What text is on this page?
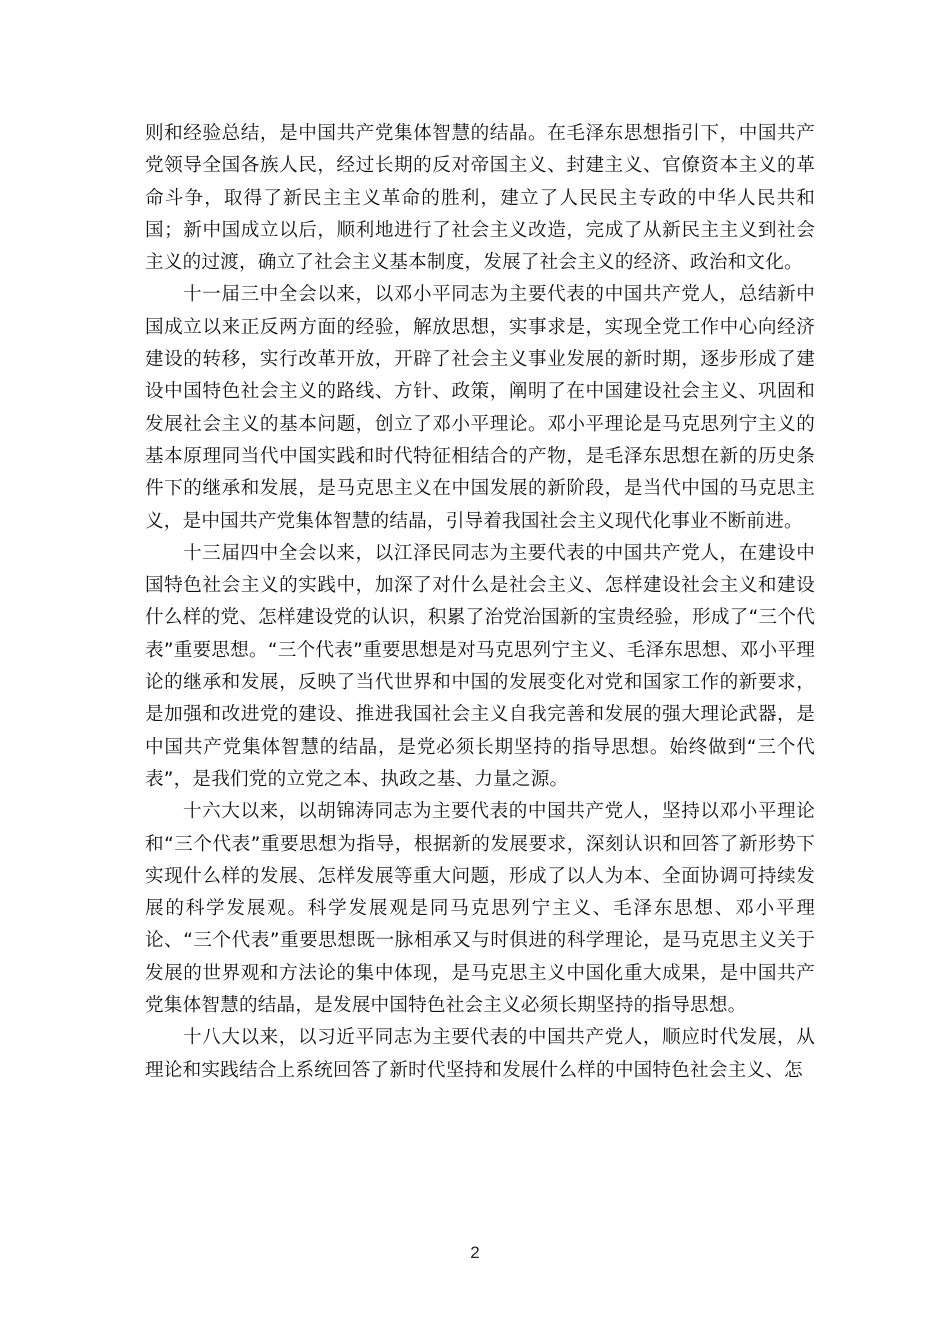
则和经验总结，是中国共产党集体智慧的结晶。在毛泽东思想指引下，中国共产党领导全国各族人民，经过长期的反对帝国主义、封建主义、官僚资本主义的革命斗争，取得了新民主主义革命的胜利，建立了人民民主专政的中华人民共和国；新中国成立以后，顺利地进行了社会主义改造，完成了从新民主主义到社会主义的过渡，确立了社会主义基本制度，发展了社会主义的经济、政治和文化。

十一届三中全会以来，以邓小平同志为主要代表的中国共产党人，总结新中国成立以来正反两方面的经验，解放思想，实事求是，实现全党工作中心向经济建设的转移，实行改革开放，开辟了社会主义事业发展的新时期，逐步形成了建设中国特色社会主义的路线、方针、政策，阐明了在中国建设社会主义、巩固和发展社会主义的基本问题，创立了邓小平理论。邓小平理论是马克思列宁主义的基本原理同当代中国实践和时代特征相结合的产物，是毛泽东思想在新的历史条件下的继承和发展，是马克思主义在中国发展的新阶段，是当代中国的马克思主义，是中国共产党集体智慧的结晶，引导着我国社会主义现代化事业不断前进。

十三届四中全会以来，以江泽民同志为主要代表的中国共产党人，在建设中国特色社会主义的实践中，加深了对什么是社会主义、怎样建设社会主义和建设什么样的党、怎样建设党的认识，积累了治党治国新的宝贵经验，形成了“三个代表”重要思想。“三个代表”重要思想是对马克思列宁主义、毛泽东思想、邓小平理论的继承和发展，反映了当代世界和中国的发展变化对党和国家工作的新要求，是加强和改进党的建设、推进我国社会主义自我完善和发展的强大理论武器，是中国共产党集体智慧的结晶，是党必须长期坚持的指导思想。始终做到“三个代表”，是我们党的立党之本、执政之基、力量之源。

十六大以来，以胡锦涛同志为主要代表的中国共产党人，坚持以邓小平理论和“三个代表”重要思想为指导，根据新的发展要求，深刻认识和回答了新形势下实现什么样的发展、怎样发展等重大问题，形成了以人为本、全面协调可持续发展的科学发展观。科学发展观是同马克思列宁主义、毛泽东思想、邓小平理论、“三个代表”重要思想既一脉相承又与时俱进的科学理论，是马克思主义关于发展的世界观和方法论的集中体现，是马克思主义中国化重大成果，是中国共产党集体智慧的结晶，是发展中国特色社会主义必须长期坚持的指导思想。

十八大以来，以习近平同志为主要代表的中国共产党人，顺应时代发展，从理论和实践结合上系统回答了新时代坚持和发展什么样的中国特色社会主义、怎

2
